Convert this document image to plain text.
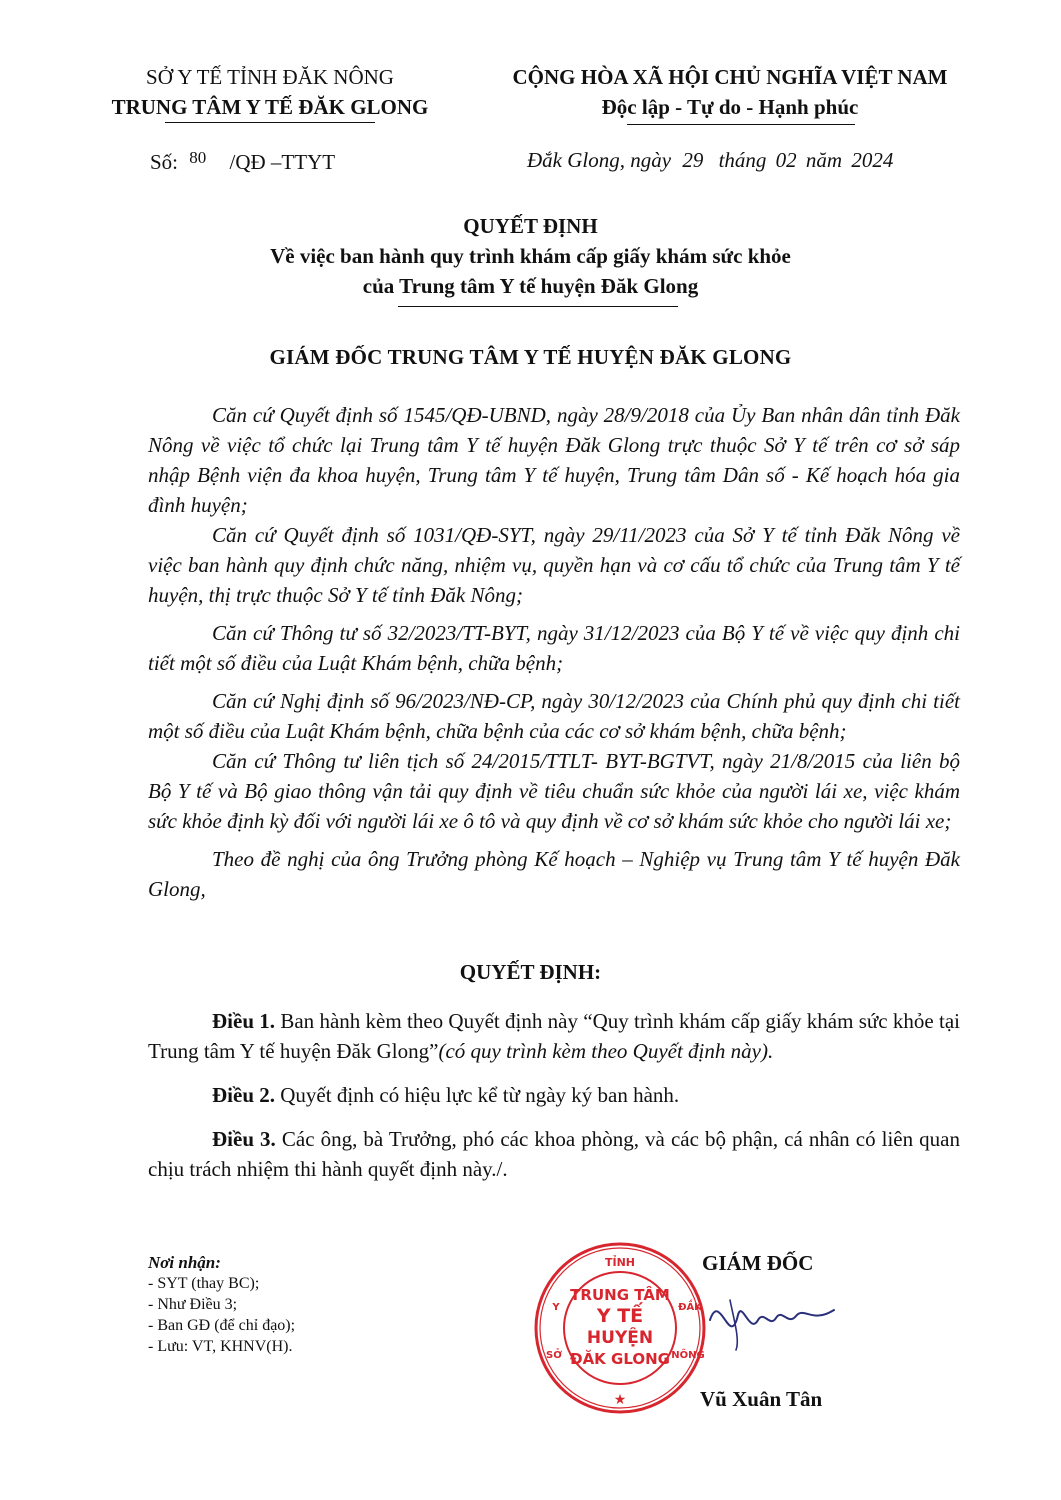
SỞ Y TẾ TỈNH ĐĂK NÔNG
TRUNG TÂM Y TẾ ĐĂK GLONG
CỘNG HÒA XÃ HỘI CHỦ NGHĨA VIỆT NAM
Độc lập - Tự do - Hạnh phúc
Số: $^{80}$ /QĐ –TTYT	Đắk Glong, ngày 29 tháng 02 năm 2024
QUYẾT ĐỊNH
Về việc ban hành quy trình khám cấp giấy khám sức khỏe
của Trung tâm Y tế huyện Đăk Glong
GIÁM ĐỐC TRUNG TÂM Y TẾ HUYỆN ĐĂK GLONG

Căn cứ Quyết định số 1545/QĐ-UBND, ngày 28/9/2018 của Ủy Ban nhân dân tỉnh Đăk Nông về việc tổ chức lại Trung tâm Y tế huyện Đăk Glong trực thuộc Sở Y tế trên cơ sở sáp nhập Bệnh viện đa khoa huyện, Trung tâm Y tế huyện, Trung tâm Dân số - Kế hoạch hóa gia đình huyện;

Căn cứ Quyết định số 1031/QĐ-SYT, ngày 29/11/2023 của Sở Y tế tỉnh Đăk Nông về việc ban hành quy định chức năng, nhiệm vụ, quyền hạn và cơ cấu tổ chức của Trung tâm Y tế huyện, thị trực thuộc Sở Y tế tỉnh Đăk Nông;

Căn cứ Thông tư số 32/2023/TT-BYT, ngày 31/12/2023 của Bộ Y tế về việc quy định chi tiết một số điều của Luật Khám bệnh, chữa bệnh;

Căn cứ Nghị định số 96/2023/NĐ-CP, ngày 30/12/2023 của Chính phủ quy định chi tiết một số điều của Luật Khám bệnh, chữa bệnh của các cơ sở khám bệnh, chữa bệnh;

Căn cứ Thông tư liên tịch số 24/2015/TTLT- BYT-BGTVT, ngày 21/8/2015 của liên bộ Bộ Y tế và Bộ giao thông vận tải quy định về tiêu chuẩn sức khỏe của người lái xe, việc khám sức khỏe định kỳ đối với người lái xe ô tô và quy định về cơ sở khám sức khỏe cho người lái xe;

Theo đề nghị của ông Trưởng phòng Kế hoạch – Nghiệp vụ Trung tâm Y tế huyện Đăk Glong,

QUYẾT ĐỊNH:

Điều 1. Ban hành kèm theo Quyết định này “Quy trình khám cấp giấy khám sức khỏe tại Trung tâm Y tế huyện Đăk Glong”(có quy trình kèm theo Quyết định này).

Điều 2. Quyết định có hiệu lực kể từ ngày ký ban hành.

Điều 3. Các ông, bà Trưởng, phó các khoa phòng, và các bộ phận, cá nhân có liên quan chịu trách nhiệm thi hành quyết định này./.

Nơi nhận:
- SYT (thay BC);
- Như Điều 3;
- Ban GĐ (để chỉ đạo);
- Lưu: VT, KHNV(H).
TRUNG TÂM
Y TẾ
HUYỆN
ĐĂK GLONG
TỈNH
ĐẮK
NÔNG
Y
SỞ
★
GIÁM ĐỐC
Vũ Xuân Tân
